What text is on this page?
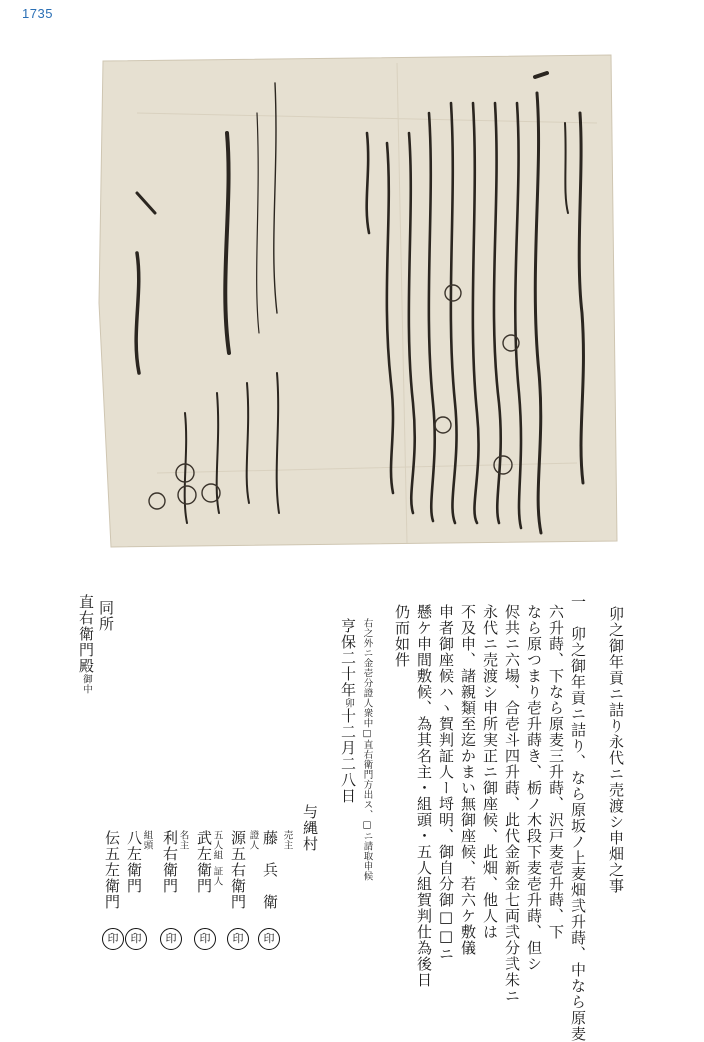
1735
卯之御年貢ニ詰り永代ニ売渡シ申畑之事
一　卯之御年貢ニ詰り、なら原坂ノ上麦畑弐升蒔、中なら原麦
六升蒔、下なら原麦三升蒔、沢戸麦壱升蒔、下
なら原つまり壱升蒔き、栃ノ木段下麦壱升蒔、但シ
侭共ニ六場、合壱斗四升蒔、此代金新金七両弐分弐朱ニ
永代ニ売渡シ申所実正ニ御座候、此畑、他人は
不及申、諸親類至迄かまい無御座候、若六ケ敷儀
申者御座候ハヽ賀判証人ー埒明、御自分御□□ニ
懸ケ申間敷候、為其名主・組頭・五人組賀判仕為後日
仍而如件
右之外ニ金壱分證人衆中□直右衛門方出ス、□ニ請取申候
亨保二十年卯十二月二八日
与縄村
売主
藤　兵　衛
印
證人
源五右衛門
印
五人組
証人
武左衛門
印
名主
利右衛門
印
組頭
八左衛門
印
伝五左衛門
印
同所
直右衛門殿御中
